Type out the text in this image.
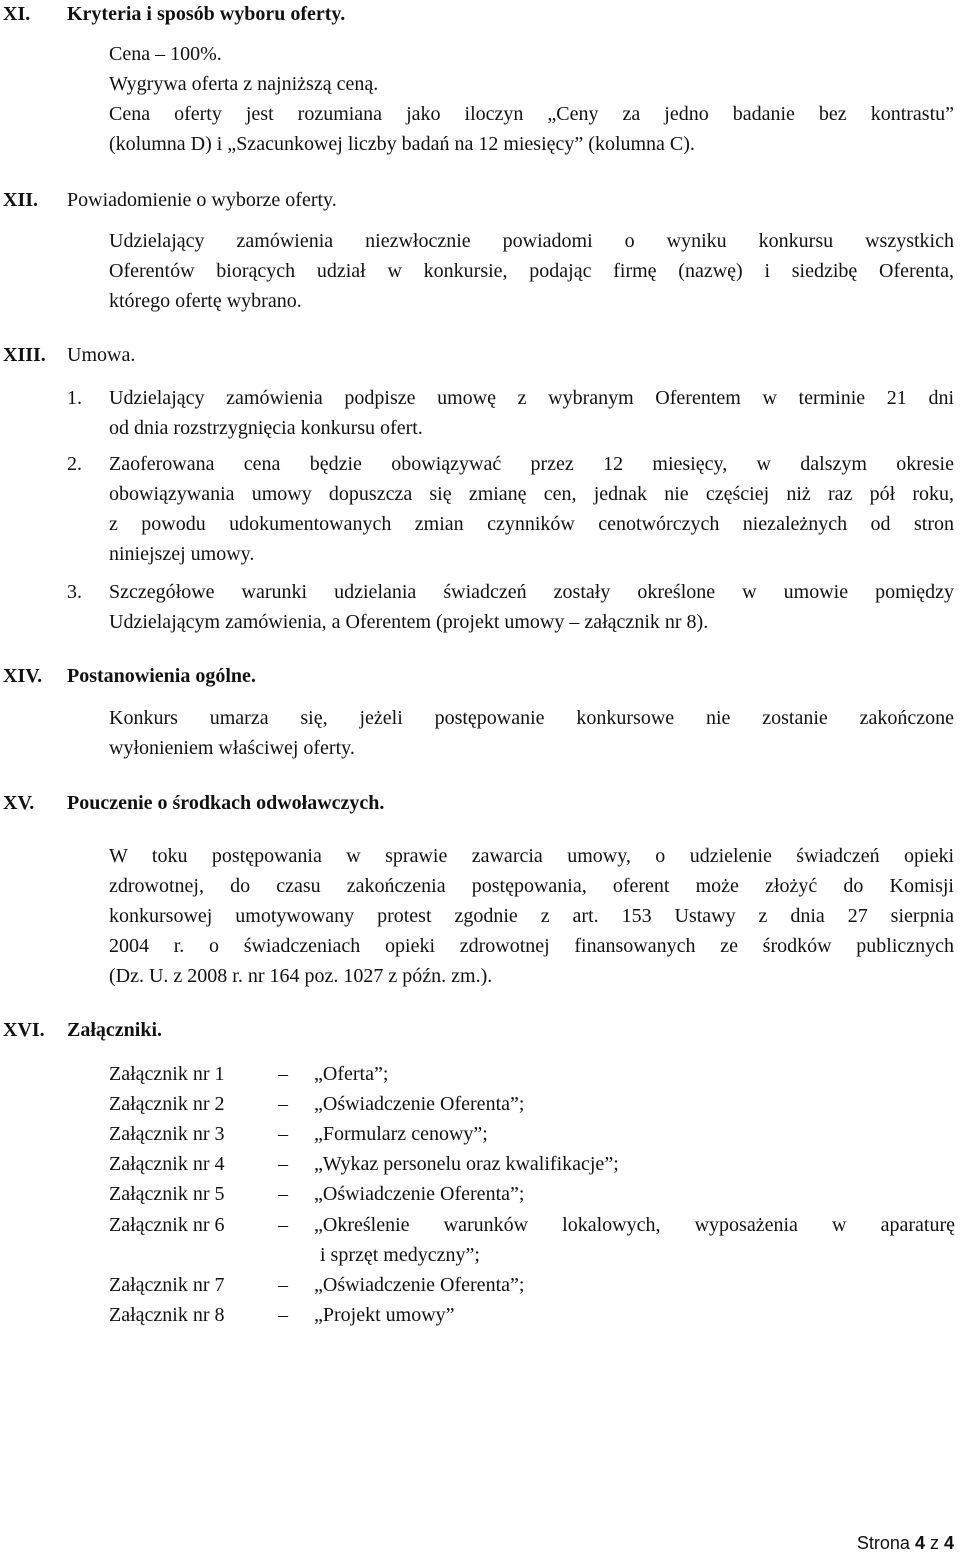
XI. Kryteria i sposób wyboru oferty.
Cena – 100%.
Wygrywa oferta z najniższą ceną.
Cena oferty jest rozumiana jako iloczyn „Ceny za jedno badanie bez kontrastu”
(kolumna D) i „Szacunkowej liczby badań na 12 miesięcy” (kolumna C).
XII. Powiadomienie o wyborze oferty.
Udzielający zamówienia niezwłocznie powiadomi o wyniku konkursu wszystkich
Oferentów biorących udział w konkursie, podając firmę (nazwę) i siedzibę Oferenta,
którego ofertę wybrano.
XIII. Umowa.
1. Udzielający zamówienia podpisze umowę z wybranym Oferentem w terminie 21 dni
od dnia rozstrzygnięcia konkursu ofert.
2. Zaoferowana cena będzie obowiązywać przez 12 miesięcy, w dalszym okresie
obowiązywania umowy dopuszcza się zmianę cen, jednak nie częściej niż raz pół roku,
z powodu udokumentowanych zmian czynników cenotwórczych niezależnych od stron
niniejszej umowy.
3. Szczegółowe warunki udzielania świadczeń zostały określone w umowie pomiędzy
Udzielającym zamówienia, a Oferentem (projekt umowy – załącznik nr 8).
XIV. Postanowienia ogólne.
Konkurs umarza się, jeżeli postępowanie konkursowe nie zostanie zakończone
wyłonieniem właściwej oferty.
XV. Pouczenie o środkach odwoławczych.
W toku postępowania w sprawie zawarcia umowy, o udzielenie świadczeń opieki
zdrowotnej, do czasu zakończenia postępowania, oferent może złożyć do Komisji
konkursowej umotywowany protest zgodnie z art. 153 Ustawy z dnia 27 sierpnia
2004 r. o świadczeniach opieki zdrowotnej finansowanych ze środków publicznych
(Dz. U. z 2008 r. nr 164 poz. 1027 z późn. zm.).
XVI. Załączniki.
Załącznik nr 1	– „Oferta”;
Załącznik nr 2	– „Oświadczenie Oferenta”;
Załącznik nr 3	– „Formularz cenowy”;
Załącznik nr 4	– „Wykaz personelu oraz kwalifikacje”;
Załącznik nr 5	– „Oświadczenie Oferenta”;
Załącznik nr 6	– „Określenie warunków lokalowych, wyposażenia w aparaturę
i sprzęt medyczny”;
Załącznik nr 7	– „Oświadczenie Oferenta”;
Załącznik nr 8	– „Projekt umowy”
Strona 4 z 4
